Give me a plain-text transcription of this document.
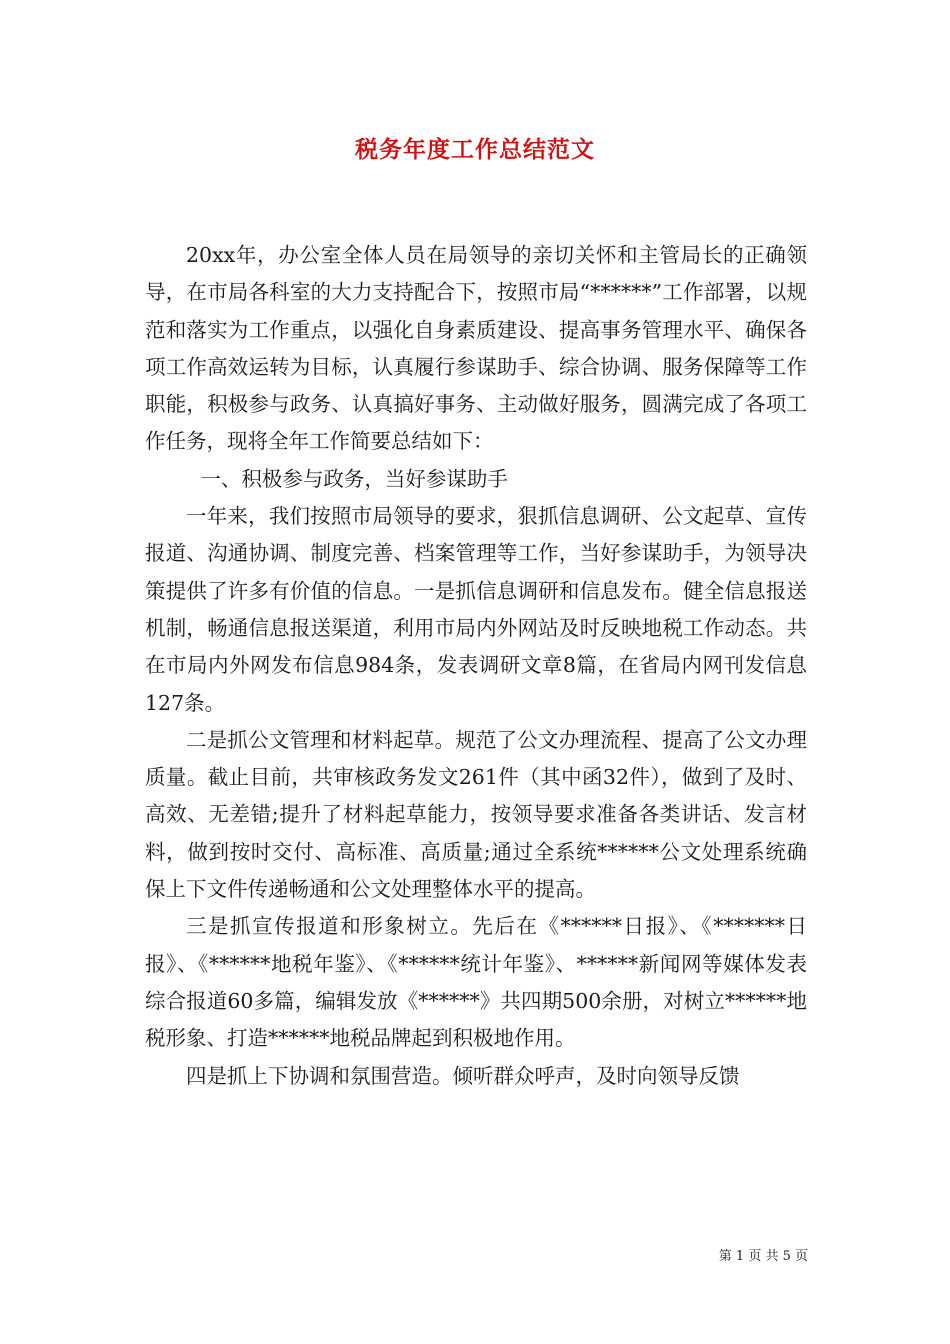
税务年度工作总结范文

20xx年，办公室全体人员在局领导的亲切关怀和主管局长的正确领导，在市局各科室的大力支持配合下，按照市局“******”工作部署，以规范和落实为工作重点，以强化自身素质建设、提高事务管理水平、确保各项工作高效运转为目标，认真履行参谋助手、综合协调、服务保障等工作职能，积极参与政务、认真搞好事务、主动做好服务，圆满完成了各项工作任务，现将全年工作简要总结如下：

一、积极参与政务，当好参谋助手

一年来，我们按照市局领导的要求，狠抓信息调研、公文起草、宣传报道、沟通协调、制度完善、档案管理等工作，当好参谋助手，为领导决策提供了许多有价值的信息。一是抓信息调研和信息发布。健全信息报送机制，畅通信息报送渠道，利用市局内外网站及时反映地税工作动态。共在市局内外网发布信息984条，发表调研文章8篇，在省局内网刊发信息127条。

二是抓公文管理和材料起草。规范了公文办理流程、提高了公文办理质量。截止目前，共审核政务发文261件（其中函32件），做到了及时、高效、无差错;提升了材料起草能力，按领导要求准备各类讲话、发言材料，做到按时交付、高标准、高质量;通过全系统******公文处理系统确保上下文件传递畅通和公文处理整体水平的提高。

三是抓宣传报道和形象树立。先后在《******日报》、《*******日报》、《******地税年鉴》、《******统计年鉴》、******新闻网等媒体发表综合报道60多篇，编辑发放《******》共四期500余册，对树立******地税形象、打造******地税品牌起到积极地作用。

四是抓上下协调和氛围营造。倾听群众呼声，及时向领导反馈

第 1 页 共 5 页
